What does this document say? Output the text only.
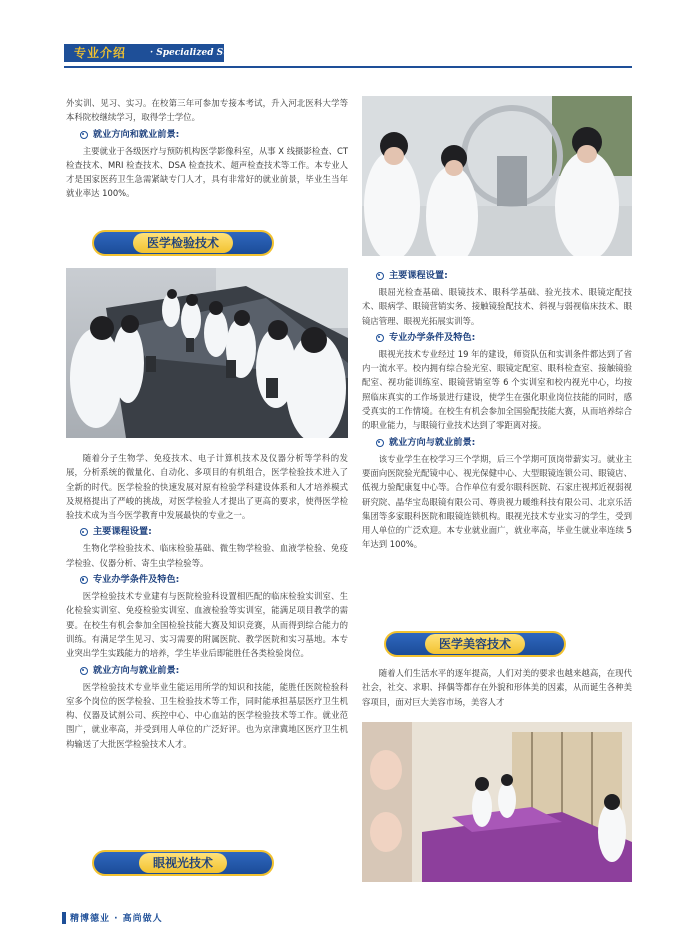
专业介绍	· Specialized Subject Introduction

外实训、见习、实习。在校第三年可参加专接本考试，升入河北医科大学等本科院校继续学习，取得学士学位。

就业方向和就业前景:

主要就业于各级医疗与预防机构医学影像科室，从事 X 线摄影检查、CT 检查技术、MRI 检查技术、DSA 检查技术、超声检查技术等工作。本专业人才是国家医药卫生急需紧缺专门人才，具有非常好的就业前景，毕业生当年就业率达 100%。

医学检验技术

随着分子生物学、免疫技术、电子计算机技术及仪器分析等学科的发展，分析系统的微量化、自动化、多项目的有机组合，医学检验技术进入了全新的时代。医学检验的快速发展对原有检验学科建设体系和人才培养模式及规格提出了严峻的挑战，对医学检验人才提出了更高的要求，使得医学检验技术成为当今医学教育中发展最快的专业之一。

主要课程设置:

生物化学检验技术、临床检验基础、微生物学检验、血液学检验、免疫学检验、仪器分析、寄生虫学检验等。

专业办学条件及特色:

医学检验技术专业建有与医院检验科设置相匹配的临床检验实训室、生化检验实训室、免疫检验实训室、血液检验等实训室，能满足项目教学的需要。在校生有机会参加全国检验技能大赛及知识竞赛，从而得到综合能力的训练。有满足学生见习、实习需要的附属医院、教学医院和实习基地。本专业突出学生实践能力的培养，学生毕业后即能胜任各类检验岗位。

就业方向与就业前景:

医学检验技术专业毕业生能运用所学的知识和技能，能胜任医院检验科室多个岗位的医学检验、卫生检验技术等工作，同时能承担基层医疗卫生机构、仪器及试剂公司、疾控中心、中心血站的医学检验技术等工作。就业范围广，就业率高，并受到用人单位的广泛好评。也为京津冀地区医疗卫生机构输送了大批医学检验技术人才。

眼视光技术
主要课程设置:

眼屈光检查基础、眼镜技术、眼科学基础、验光技术、眼镜定配技术、眼病学、眼镜营销实务、接触镜验配技术、斜视与弱视临床技术、眼镜店管理、眼视光拓展实训等。

专业办学条件及特色:

眼视光技术专业经过 19 年的建设，师资队伍和实训条件都达到了省内一流水平。校内拥有综合验光室、眼镜定配室、眼科检查室、接触镜验配室、视功能训练室、眼镜营销室等 6 个实训室和校内视光中心，均按照临床真实的工作场景进行建设，使学生在强化职业岗位技能的同时，感受真实的工作情境。在校生有机会参加全国验配技能大赛，从而培养综合的职业能力，与眼镜行业技术达到了零距离对接。

就业方向与就业前景:

该专业学生在校学习三个学期，后三个学期可顶岗带薪实习。就业主要面向医院验光配镜中心、视光保健中心、大型眼镜连锁公司、眼镜店、低视力验配康复中心等。合作单位有爱尔眼科医院、石家庄视邦近视弱视研究院、晶华宝岛眼镜有限公司、尊贵视力暖维科技有限公司、北京乐活集团等多家眼科医院和眼镜连锁机构。眼视光技术专业实习的学生，受到用人单位的广泛欢迎。本专业就业面广，就业率高，毕业生就业率连续 5 年达到 100%。

医学美容技术

随着人们生活水平的逐年提高，人们对美的要求也越来越高，在现代社会，社交、求职、择偶等都存在外貌和形体美的因素，从而诞生各种美容项目，面对巨大美容市场，美容人才

精博德业 · 高尚做人
